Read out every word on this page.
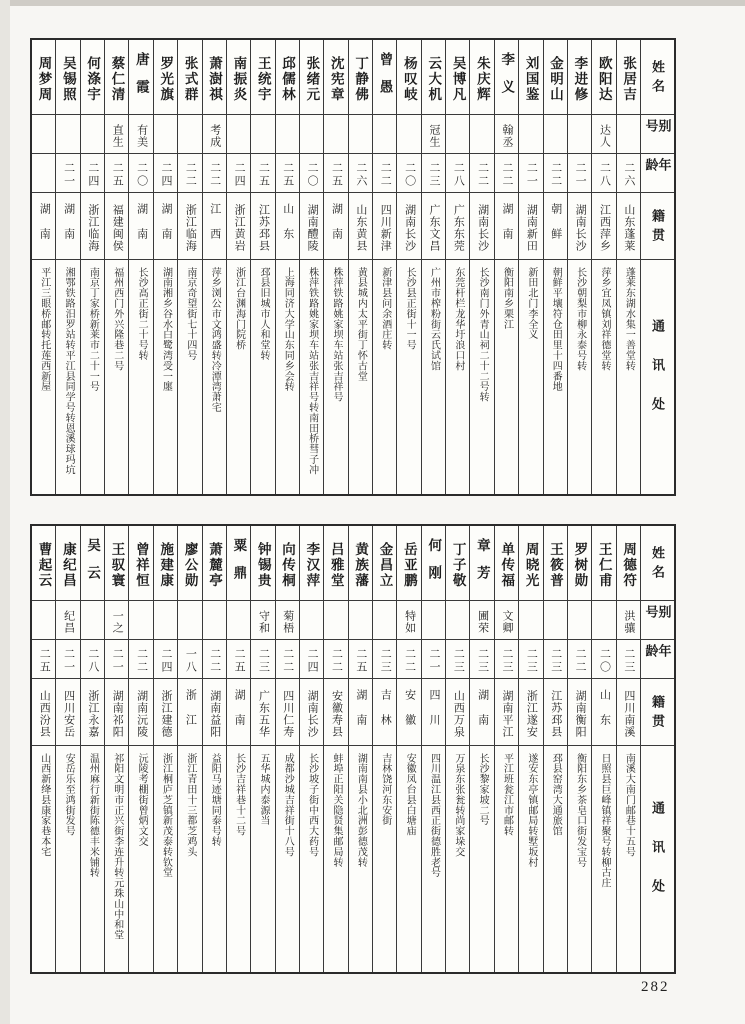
姓名
别号
年龄
籍贯
通讯处
张居吉
二六
山东蓬莱
蓬莱东湖水集一善堂转
欧阳达
达人
二八
江西萍乡
萍乡宜凤镇刘祥德堂转
李进修
二一
湖南长沙
长沙朝梨市柳永泰号转
金明山
二二
朝鲜
朝鲜平壤符仓田里十四番地
刘国鉴
二一
湖南新田
新田北门李全义
李义
翰丞
二二
湖南
衡阳南乡栗江
朱庆辉
二二
湖南长沙
长沙南门外青山祠二十二号转
吴博凡
二八
广东东莞
东莞杆栏龙华圩浪口村
云大机
冠生
二三
广东文昌
广州市榨粉街云氏试馆
杨叹岐
二〇
湖南长沙
长沙县正街十一号
曾愚
二二
四川新津
新津县问余酒庄转
丁静佛
二六
山东黄县
黄县城内太平街丁怀古堂
沈宪章
二五
湖南
株萍铁路姚家坝车站张吉祥号
张绪元
二〇
湖南醴陵
株萍铁路姚家坝车站张吉祥号转南田桥彗子冲
邱儒林
二五
山东
上海同济大学山东同乡会转
王统宇
二五
江苏邳县
邳县旧城市人和堂转
南振炎
二四
浙江黄岩
浙江台渊海门院桥
萧澍祺
考成
二二
江西
萍乡浏公市文鸿盛转冷潭湾萧宅
张式群
二二
浙江临海
南京奇望街七十四号
罗光旗
二四
湖南
湖南湘乡谷水白鹭湾受一廛
唐霞
有美
二〇
湖南
长沙高正街二十号转
蔡仁清
直生
二五
福建闽侯
福州西门外兴隆巷二号
何涤宇
二四
浙江临海
南京丁家桥新莱市二十一号
吴锡照
二一
湖南
湘鄂铁路汨罗站转平江县同学号转恩溪球玛坑
周梦周
湖南
平江三眼桥邮转托莲西新屋
姓名
别号
年龄
籍贯
通讯处
周德符
洪骧
二三
四川南溪
南溪大南门邮巷十五号
王仁甫
二〇
山东
日照县巨峰镇祥聚号转柳古庄
罗树勋
二二
湖南衡阳
衡阳东乡茶皂口街发宝号
王筱普
二三
江苏邳县
邳县窑湾大通旅馆
周晓光
二三
浙江遂安
遂安东亭镇邮局转墅坂村
单传福
文卿
二三
湖南平江
平江班瓮江市邮转
章芳
圃荣
二三
湖南
长沙黎家坡二号
丁子敬
二三
山西万泉
万泉东张瓮转尚家垛交
何刚
二一
四川
四川温江县西正街德胜老号
岳亚鹏
特如
二二
安徽
安徽凤台县白塘庙
金昌立
二三
吉林
吉林饶河东安街
黄族藩
二五
湖南
湖南南县小北洲彭德茂转
吕雅堂
二二
安徽寿县
蚌埠正阳关隐贤集邮局转
李汉萍
二四
湖南长沙
长沙坡子街中西大药号
向传桐
菊梧
二二
四川仁寿
成都沙城吉祥街十八号
钟锡贵
守和
二三
广东五华
五华城内泰源当
粟鼎
二五
湖南
长沙吉祥巷十二号
萧麓亭
二二
湖南益阳
益阳马迹塘同泰号转
廖公勋
一八
浙江
浙江青田十三都芝鸡头
施建康
二四
浙江建德
浙江桐庐芝镇新茂泰转钦堂
曾祥恒
二二
湖南沅陵
沅陵考棚街曾炳文交
王驭寰
一之
二一
湖南祁阳
祁阳文明市正兴街李连升转元珠山中和堂
吴云
二八
浙江永嘉
温州麻行新街陈德丰米铺转
康纪昌
纪昌
二一
四川安岳
安岳乐至鸿街发号
曹起云
二五
山西汾县
山西新绛县康家巷本宅
282
